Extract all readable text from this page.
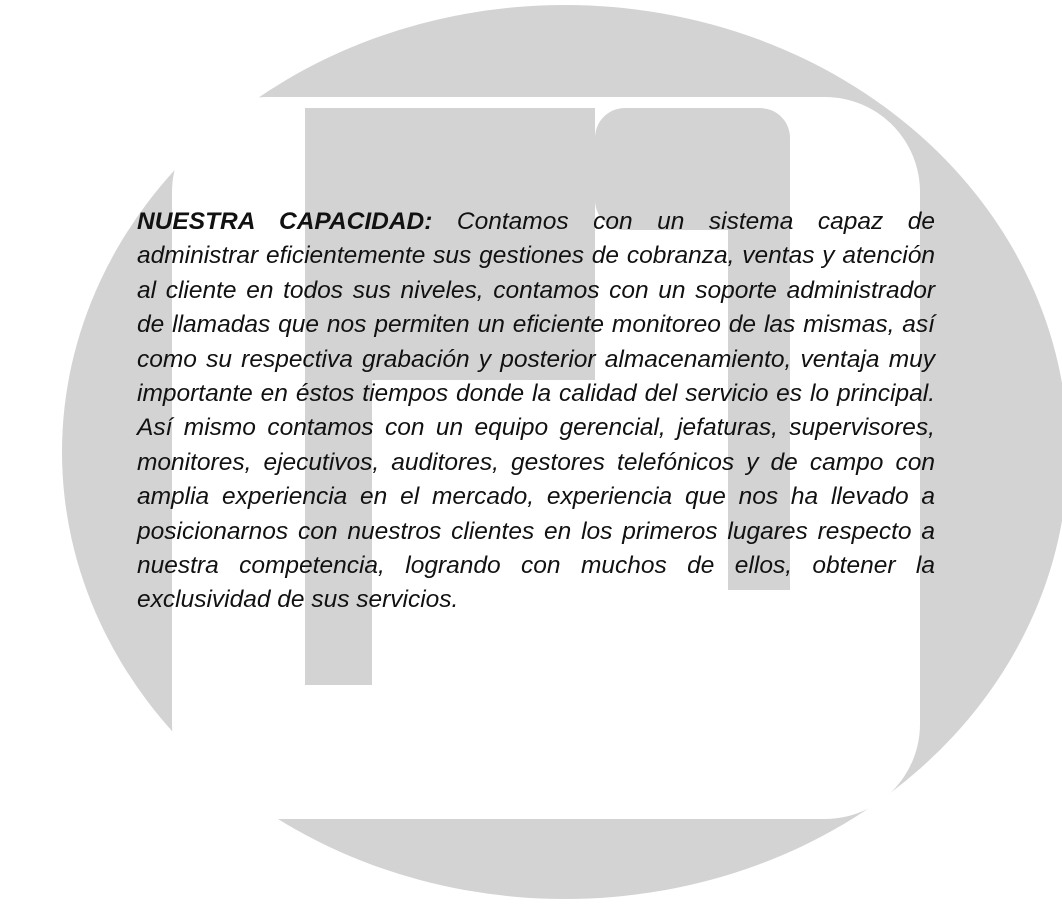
NUESTRA CAPACIDAD: Contamos con un sistema capaz de administrar eficientemente sus gestiones de cobranza, ventas y atención al cliente en todos sus niveles, contamos con un soporte administrador de llamadas que nos permiten un eficiente monitoreo de las mismas, así como su respectiva grabación y posterior almacenamiento, ventaja muy importante en éstos tiempos donde la calidad del servicio es lo principal. Así mismo contamos con un equipo gerencial, jefaturas, supervisores, monitores, ejecutivos, auditores, gestores telefónicos y de campo con amplia experiencia en el mercado, experiencia que nos ha llevado a posicionarnos con nuestros clientes en los primeros lugares respecto a nuestra competencia, logrando con muchos de ellos, obtener la exclusividad de sus servicios.
